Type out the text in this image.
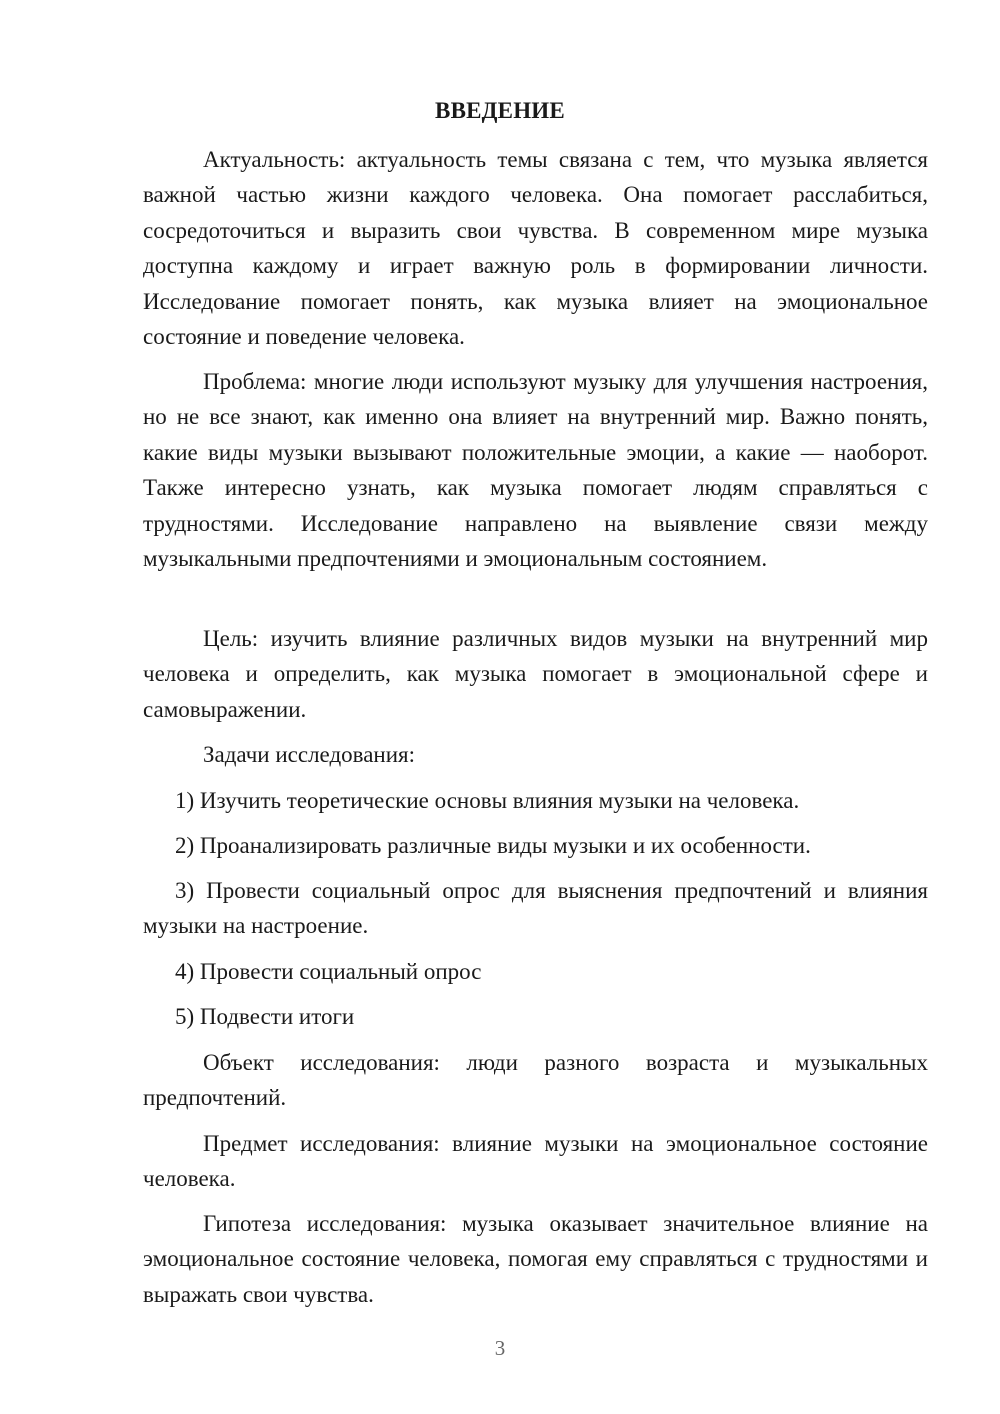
ВВЕДЕНИЕ

Актуальность: актуальность темы связана с тем, что музыка является важной частью жизни каждого человека. Она помогает расслабиться, сосредоточиться и выразить свои чувства. В современном мире музыка доступна каждому и играет важную роль в формировании личности. Исследование помогает понять, как музыка влияет на эмоциональное состояние и поведение человека.

Проблема: многие люди используют музыку для улучшения настроения, но не все знают, как именно она влияет на внутренний мир. Важно понять, какие виды музыки вызывают положительные эмоции, а какие — наоборот. Также интересно узнать, как музыка помогает людям справляться с трудностями. Исследование направлено на выявление связи между музыкальными предпочтениями и эмоциональным состоянием.

Цель: изучить влияние различных видов музыки на внутренний мир человека и определить, как музыка помогает в эмоциональной сфере и самовыражении.

Задачи исследования:

1) Изучить теоретические основы влияния музыки на человека.

2) Проанализировать различные виды музыки и их особенности.

3) Провести социальный опрос для выяснения предпочтений и влияния музыки на настроение.

4) Провести социальный опрос

5) Подвести итоги

Объект исследования: люди разного возраста и музыкальных предпочтений.

Предмет исследования: влияние музыки на эмоциональное состояние человека.

Гипотеза исследования: музыка оказывает значительное влияние на эмоциональное состояние человека, помогая ему справляться с трудностями и выражать свои чувства.

3
